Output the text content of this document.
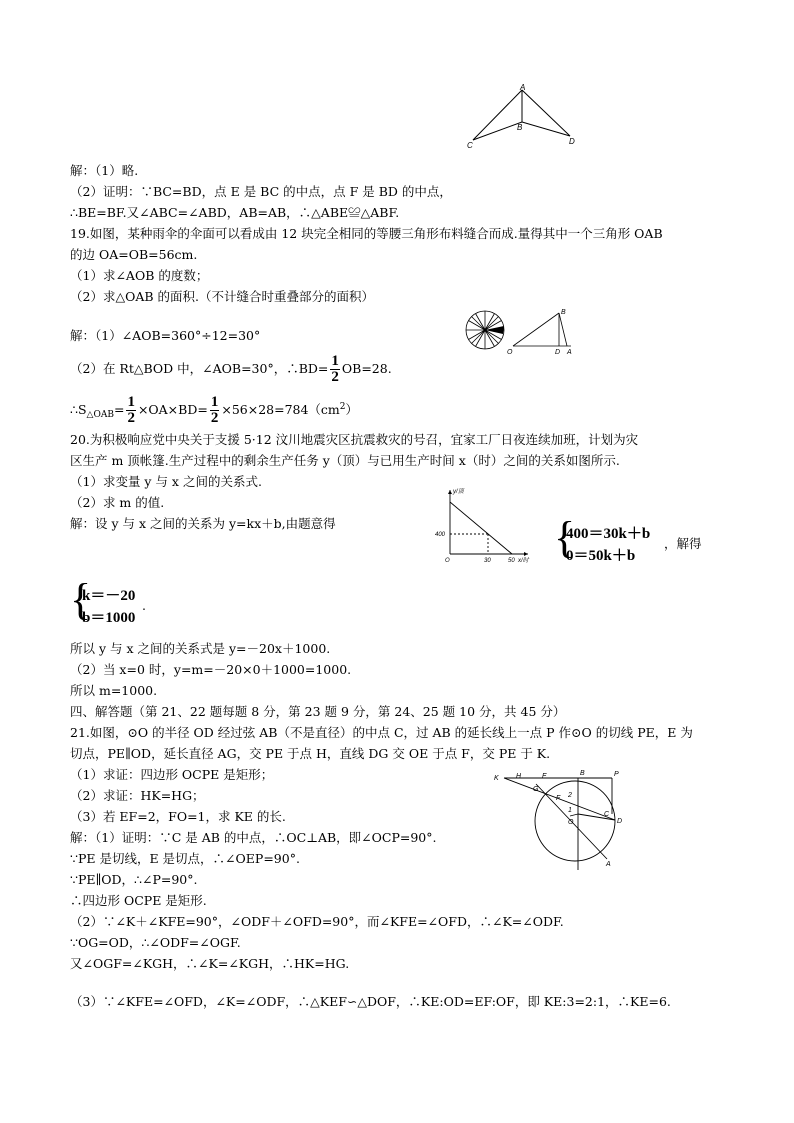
A
B
C	D
解：（1）略.
（2）证明：∵BC=BD，点 E 是 BC 的中点，点 F 是 BD 的中点，
∴BE=BF.又∠ABC=∠ABD，AB=AB，∴△ABE≌△ABF.
19.如图，某种雨伞的伞面可以看成由 12 块完全相同的等腰三角形布料缝合而成.量得其中一个三角形 OAB
的边 OA=OB=56cm.
（1）求∠AOB 的度数；
（2）求△OAB 的面积.（不计缝合时重叠部分的面积）
O
B
D A
解：（1）∠AOB=360°÷12=30°
（2）在 Rt△BOD 中，∠AOB=30°，∴BD= $\frac{1}{2} OB=28$.
$\therefore S_{\triangle OAB}= \frac{1}{2} \times OA\times BD= \frac{1}{2} \times 56\times 28=784(cm^2)$
20.为积极响应党中央关于支援 5·12 汶川地震灾区抗震救灾的号召，宜家工厂日夜连续加班，计划为灾
区生产 m 顶帐篷.生产过程中的剩余生产任务 y（顶）与已用生产时间 x（时）之间的关系如图所示.
（1）求变量 y 与 x 之间的关系式.
（2）求 m 的值.
解：设 y 与 x 之间的关系为 y=kx＋b,由题意得
y/顶
400
O	30	50 x/时 {
400＝30k＋b
0＝50k＋b
，解得
{
k＝－20
b＝1000
.
所以 y 与 x 之间的关系式是 y=－20x＋1000.
（2）当 x=0 时，y=m=－20×0＋1000=1000.
所以 m=1000.
四、解答题（第 21、22 题每题 8 分，第 23 题 9 分，第 24、25 题 10 分，共 45 分）
21.如图，⊙O 的半径 OD 经过弦 AB（不是直径）的中点 C，过 AB 的延长线上一点 P 作⊙O 的切线 PE，E 为
切点，PE∥OD，延长直径 AG，交 PE 于点 H，直线 DG 交 OE 于点 F，交 PE 于 K.
（1）求证：四边形 OCPE 是矩形；
（2）求证：HK=HG；
（3）若 EF=2，FO=1，求 KE 的长.
K H	E	B	P
G
F 2
1
O
C
D
A
解：（1）证明：∵C 是 AB 的中点，∴OC⊥AB，即∠OCP=90°.
∵PE 是切线，E 是切点，∴∠OEP=90°.
∵PE∥OD，∴∠P=90°.
∴四边形 OCPE 是矩形.
（2）∵∠K＋∠KFE=90°，∠ODF＋∠OFD=90°，而∠KFE=∠OFD，∴∠K=∠ODF.
∵OG=OD，∴∠ODF=∠OGF.
又∠OGF=∠KGH，∴∠K=∠KGH，∴HK=HG.
（3）∵∠KFE=∠OFD，∠K=∠ODF，∴△KEF∽△DOF，∴KE:OD=EF:OF，即 KE:3=2:1，∴KE=6.
